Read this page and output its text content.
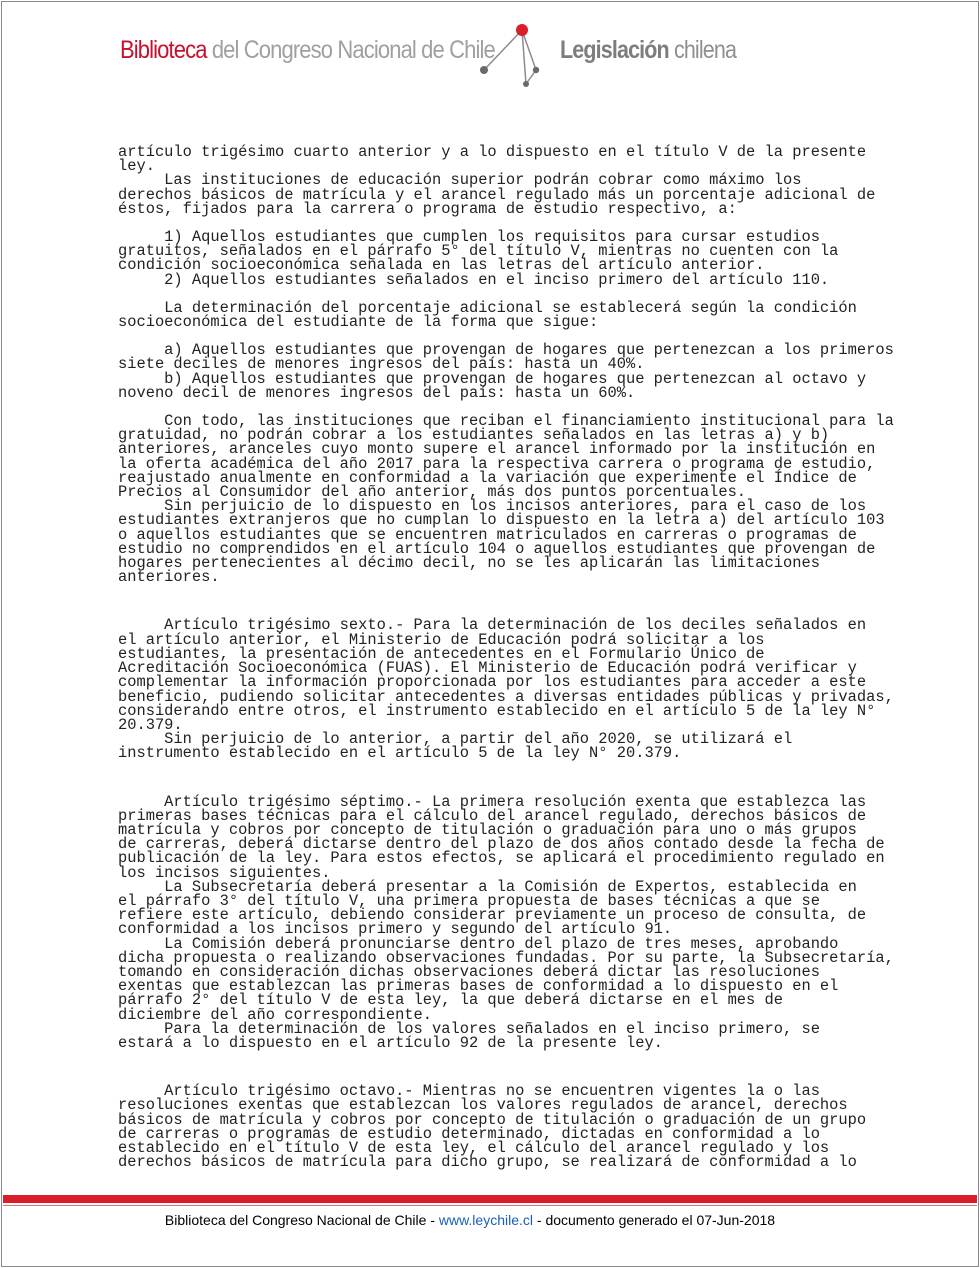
Biblioteca del Congreso Nacional de Chile	Legislación chilena

artículo trigésimo cuarto anterior y a lo dispuesto en el título V de la presente

ley.

Las instituciones de educación superior podrán cobrar como máximo los

derechos básicos de matrícula y el arancel regulado más un porcentaje adicional de

éstos, fijados para la carrera o programa de estudio respectivo, a:

1) Aquellos estudiantes que cumplen los requisitos para cursar estudios

gratuitos, señalados en el párrafo 5° del título V, mientras no cuenten con la

condición socioeconómica señalada en las letras del artículo anterior.

2) Aquellos estudiantes señalados en el inciso primero del artículo 110.

La determinación del porcentaje adicional se establecerá según la condición

socioeconómica del estudiante de la forma que sigue:

a) Aquellos estudiantes que provengan de hogares que pertenezcan a los primeros

siete deciles de menores ingresos del país: hasta un 40%.

b) Aquellos estudiantes que provengan de hogares que pertenezcan al octavo y

noveno decil de menores ingresos del país: hasta un 60%.

Con todo, las instituciones que reciban el financiamiento institucional para la

gratuidad, no podrán cobrar a los estudiantes señalados en las letras a) y b)

anteriores, aranceles cuyo monto supere el arancel informado por la institución en

la oferta académica del año 2017 para la respectiva carrera o programa de estudio,

reajustado anualmente en conformidad a la variación que experimente el Índice de

Precios al Consumidor del año anterior, más dos puntos porcentuales.

Sin perjuicio de lo dispuesto en los incisos anteriores, para el caso de los

estudiantes extranjeros que no cumplan lo dispuesto en la letra a) del artículo 103

o aquellos estudiantes que se encuentren matriculados en carreras o programas de

estudio no comprendidos en el artículo 104 o aquellos estudiantes que provengan de

hogares pertenecientes al décimo decil, no se les aplicarán las limitaciones

anteriores.

Artículo trigésimo sexto.- Para la determinación de los deciles señalados en

el artículo anterior, el Ministerio de Educación podrá solicitar a los

estudiantes, la presentación de antecedentes en el Formulario Único de

Acreditación Socioeconómica (FUAS). El Ministerio de Educación podrá verificar y

complementar la información proporcionada por los estudiantes para acceder a este

beneficio, pudiendo solicitar antecedentes a diversas entidades públicas y privadas,

considerando entre otros, el instrumento establecido en el artículo 5 de la ley N°

20.379.

Sin perjuicio de lo anterior, a partir del año 2020, se utilizará el

instrumento establecido en el artículo 5 de la ley N° 20.379.

Artículo trigésimo séptimo.- La primera resolución exenta que establezca las

primeras bases técnicas para el cálculo del arancel regulado, derechos básicos de

matrícula y cobros por concepto de titulación o graduación para uno o más grupos

de carreras, deberá dictarse dentro del plazo de dos años contado desde la fecha de

publicación de la ley. Para estos efectos, se aplicará el procedimiento regulado en

los incisos siguientes.

La Subsecretaría deberá presentar a la Comisión de Expertos, establecida en

el párrafo 3° del título V, una primera propuesta de bases técnicas a que se

refiere este artículo, debiendo considerar previamente un proceso de consulta, de

conformidad a los incisos primero y segundo del artículo 91.

La Comisión deberá pronunciarse dentro del plazo de tres meses, aprobando

dicha propuesta o realizando observaciones fundadas. Por su parte, la Subsecretaría,

tomando en consideración dichas observaciones deberá dictar las resoluciones

exentas que establezcan las primeras bases de conformidad a lo dispuesto en el

párrafo 2° del título V de esta ley, la que deberá dictarse en el mes de

diciembre del año correspondiente.

Para la determinación de los valores señalados en el inciso primero, se

estará a lo dispuesto en el artículo 92 de la presente ley.

Artículo trigésimo octavo.- Mientras no se encuentren vigentes la o las

resoluciones exentas que establezcan los valores regulados de arancel, derechos

básicos de matrícula y cobros por concepto de titulación o graduación de un grupo

de carreras o programas de estudio determinado, dictadas en conformidad a lo

establecido en el título V de esta ley, el cálculo del arancel regulado y los

derechos básicos de matrícula para dicho grupo, se realizará de conformidad a lo

Biblioteca del Congreso Nacional de Chile - www.leychile.cl - documento generado el 07-Jun-2018
